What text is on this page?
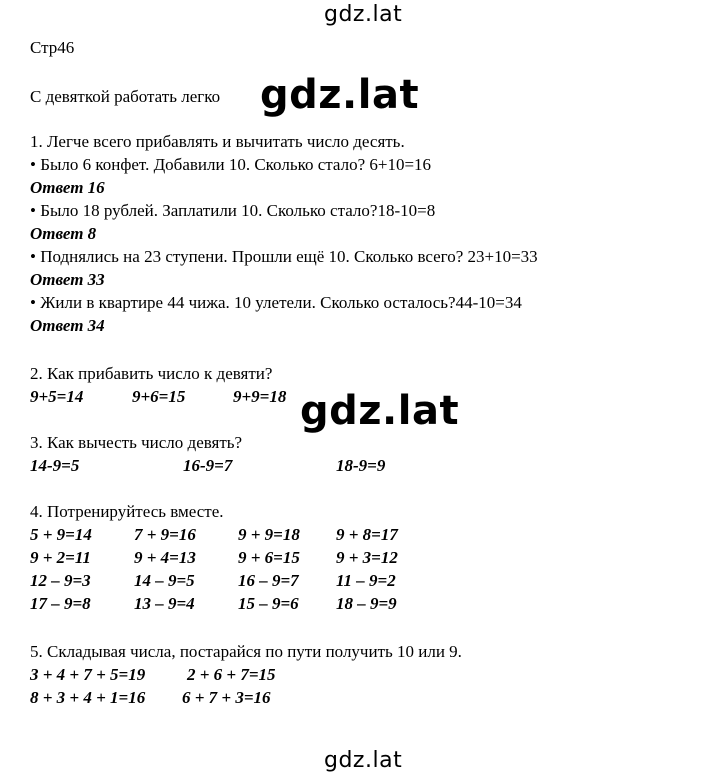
gdz.lat
gdz.lat
gdz.lat
gdz.lat
Стр46
С девяткой работать легко
1. Легче всего прибавлять и вычитать число десять.
• Было 6 конфет. Добавили 10. Сколько стало? 6+10=16
Ответ 16
• Было 18 рублей. Заплатили 10. Сколько стало?18-10=8
Ответ 8
• Поднялись на 23 ступени. Прошли ещё 10. Сколько всего? 23+10=33
Ответ 33
• Жили в квартире 44 чижа. 10 улетели. Сколько осталось?44-10=34
Ответ 34
2. Как прибавить число к девяти?
9+5=14	9+6=15	9+9=18
3. Как вычесть число девять?
14-9=5	16-9=7	18-9=9
4. Потренируйтесь вместе.
5 + 9=14 7 + 9=16 9 + 9=18 9 + 8=17
9 + 2=11	9 + 4=13 9 + 6=15 9 + 3=12
12 – 9=3	14 – 9=5	16 – 9=7 11 – 9=2
17 – 9=8	13 – 9=4	15 – 9=6 18 – 9=9
5. Складывая числа, постарайся по пути получить 10 или 9.
3 + 4 + 7 + 5=19 2 + 6 + 7=15
8 + 3 + 4 + 1=16 6 + 7 + 3=16
